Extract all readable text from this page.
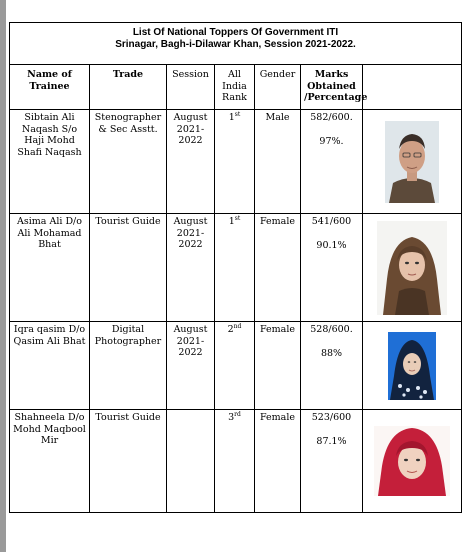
List Of National Toppers Of Government ITI
Srinagar, Bagh-i-Dilawar Khan, Session 2021-2022.						

Name of Trainee	Trade	Session	All India Rank	Gender	Marks Obtained /Percentage	
Sibtain Ali Naqash S/o Haji Mohd Shafi Naqash	Stenographer & Sec Asstt.	August 2021-2022	1st	Male	582/600.
97%.

Asima Ali D/o Ali Mohamad Bhat	Tourist Guide	August 2021-2022	1st	Female	541/600
90.1%

Iqra qasim D/o Qasim Ali Bhat	Digital Photographer	August 2021-2022	2nd	Female	528/600.
88%

Shahneela D/o Mohd Maqbool Mir	Tourist Guide		3rd	Female	523/600
87.1%
